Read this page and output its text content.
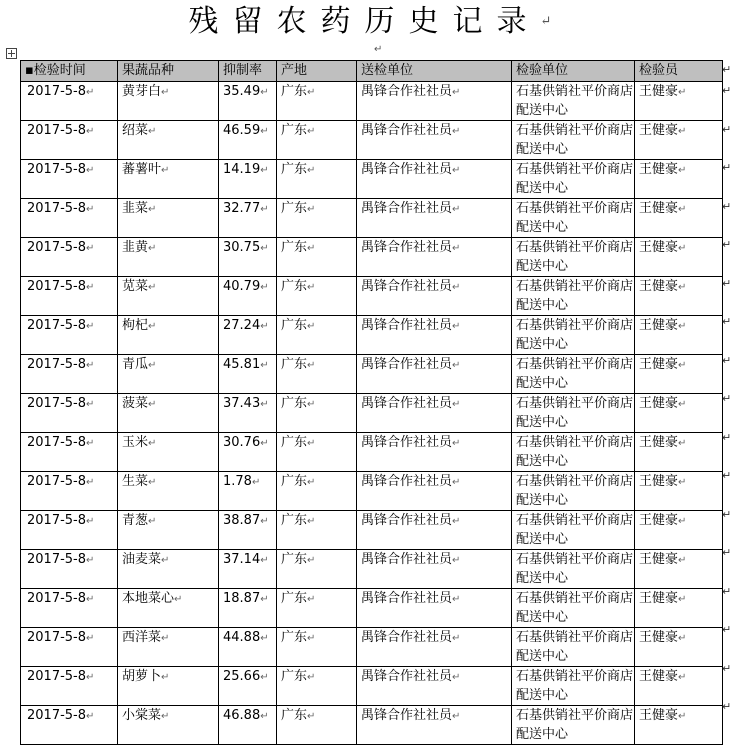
残留农药历史记录↵
↵
▪检验时间	果蔬品种	抑制率	产地	送检单位	检验单位	检验员
2017-5-8↵	黄芽白↵	35.49↵	广东↵	禺锋合作社社员↵	石基供销社平价商店配送中心	王健豪↵
2017-5-8↵	绍菜↵	46.59↵	广东↵	禺锋合作社社员↵	石基供销社平价商店配送中心	王健豪↵
2017-5-8↵	蕃薯叶↵	14.19↵	广东↵	禺锋合作社社员↵	石基供销社平价商店配送中心	王健豪↵
2017-5-8↵	韭菜↵	32.77↵	广东↵	禺锋合作社社员↵	石基供销社平价商店配送中心	王健豪↵
2017-5-8↵	韭黄↵	30.75↵	广东↵	禺锋合作社社员↵	石基供销社平价商店配送中心	王健豪↵
2017-5-8↵	苋菜↵	40.79↵	广东↵	禺锋合作社社员↵	石基供销社平价商店配送中心	王健豪↵
2017-5-8↵	枸杞↵	27.24↵	广东↵	禺锋合作社社员↵	石基供销社平价商店配送中心	王健豪↵
2017-5-8↵	青瓜↵	45.81↵	广东↵	禺锋合作社社员↵	石基供销社平价商店配送中心	王健豪↵
2017-5-8↵	菠菜↵	37.43↵	广东↵	禺锋合作社社员↵	石基供销社平价商店配送中心	王健豪↵
2017-5-8↵	玉米↵	30.76↵	广东↵	禺锋合作社社员↵	石基供销社平价商店配送中心	王健豪↵
2017-5-8↵	生菜↵	1.78↵	广东↵	禺锋合作社社员↵	石基供销社平价商店配送中心	王健豪↵
2017-5-8↵	青葱↵	38.87↵	广东↵	禺锋合作社社员↵	石基供销社平价商店配送中心	王健豪↵
2017-5-8↵	油麦菜↵	37.14↵	广东↵	禺锋合作社社员↵	石基供销社平价商店配送中心	王健豪↵
2017-5-8↵	本地菜心↵	18.87↵	广东↵	禺锋合作社社员↵	石基供销社平价商店配送中心	王健豪↵
2017-5-8↵	西洋菜↵	44.88↵	广东↵	禺锋合作社社员↵	石基供销社平价商店配送中心	王健豪↵
2017-5-8↵	胡萝卜↵	25.66↵	广东↵	禺锋合作社社员↵	石基供销社平价商店配送中心	王健豪↵
2017-5-8↵	小棠菜↵	46.88↵	广东↵	禺锋合作社社员↵	石基供销社平价商店配送中心	王健豪↵
↵
↵
↵
↵
↵
↵
↵
↵
↵
↵
↵
↵
↵
↵
↵
↵
↵
↵
